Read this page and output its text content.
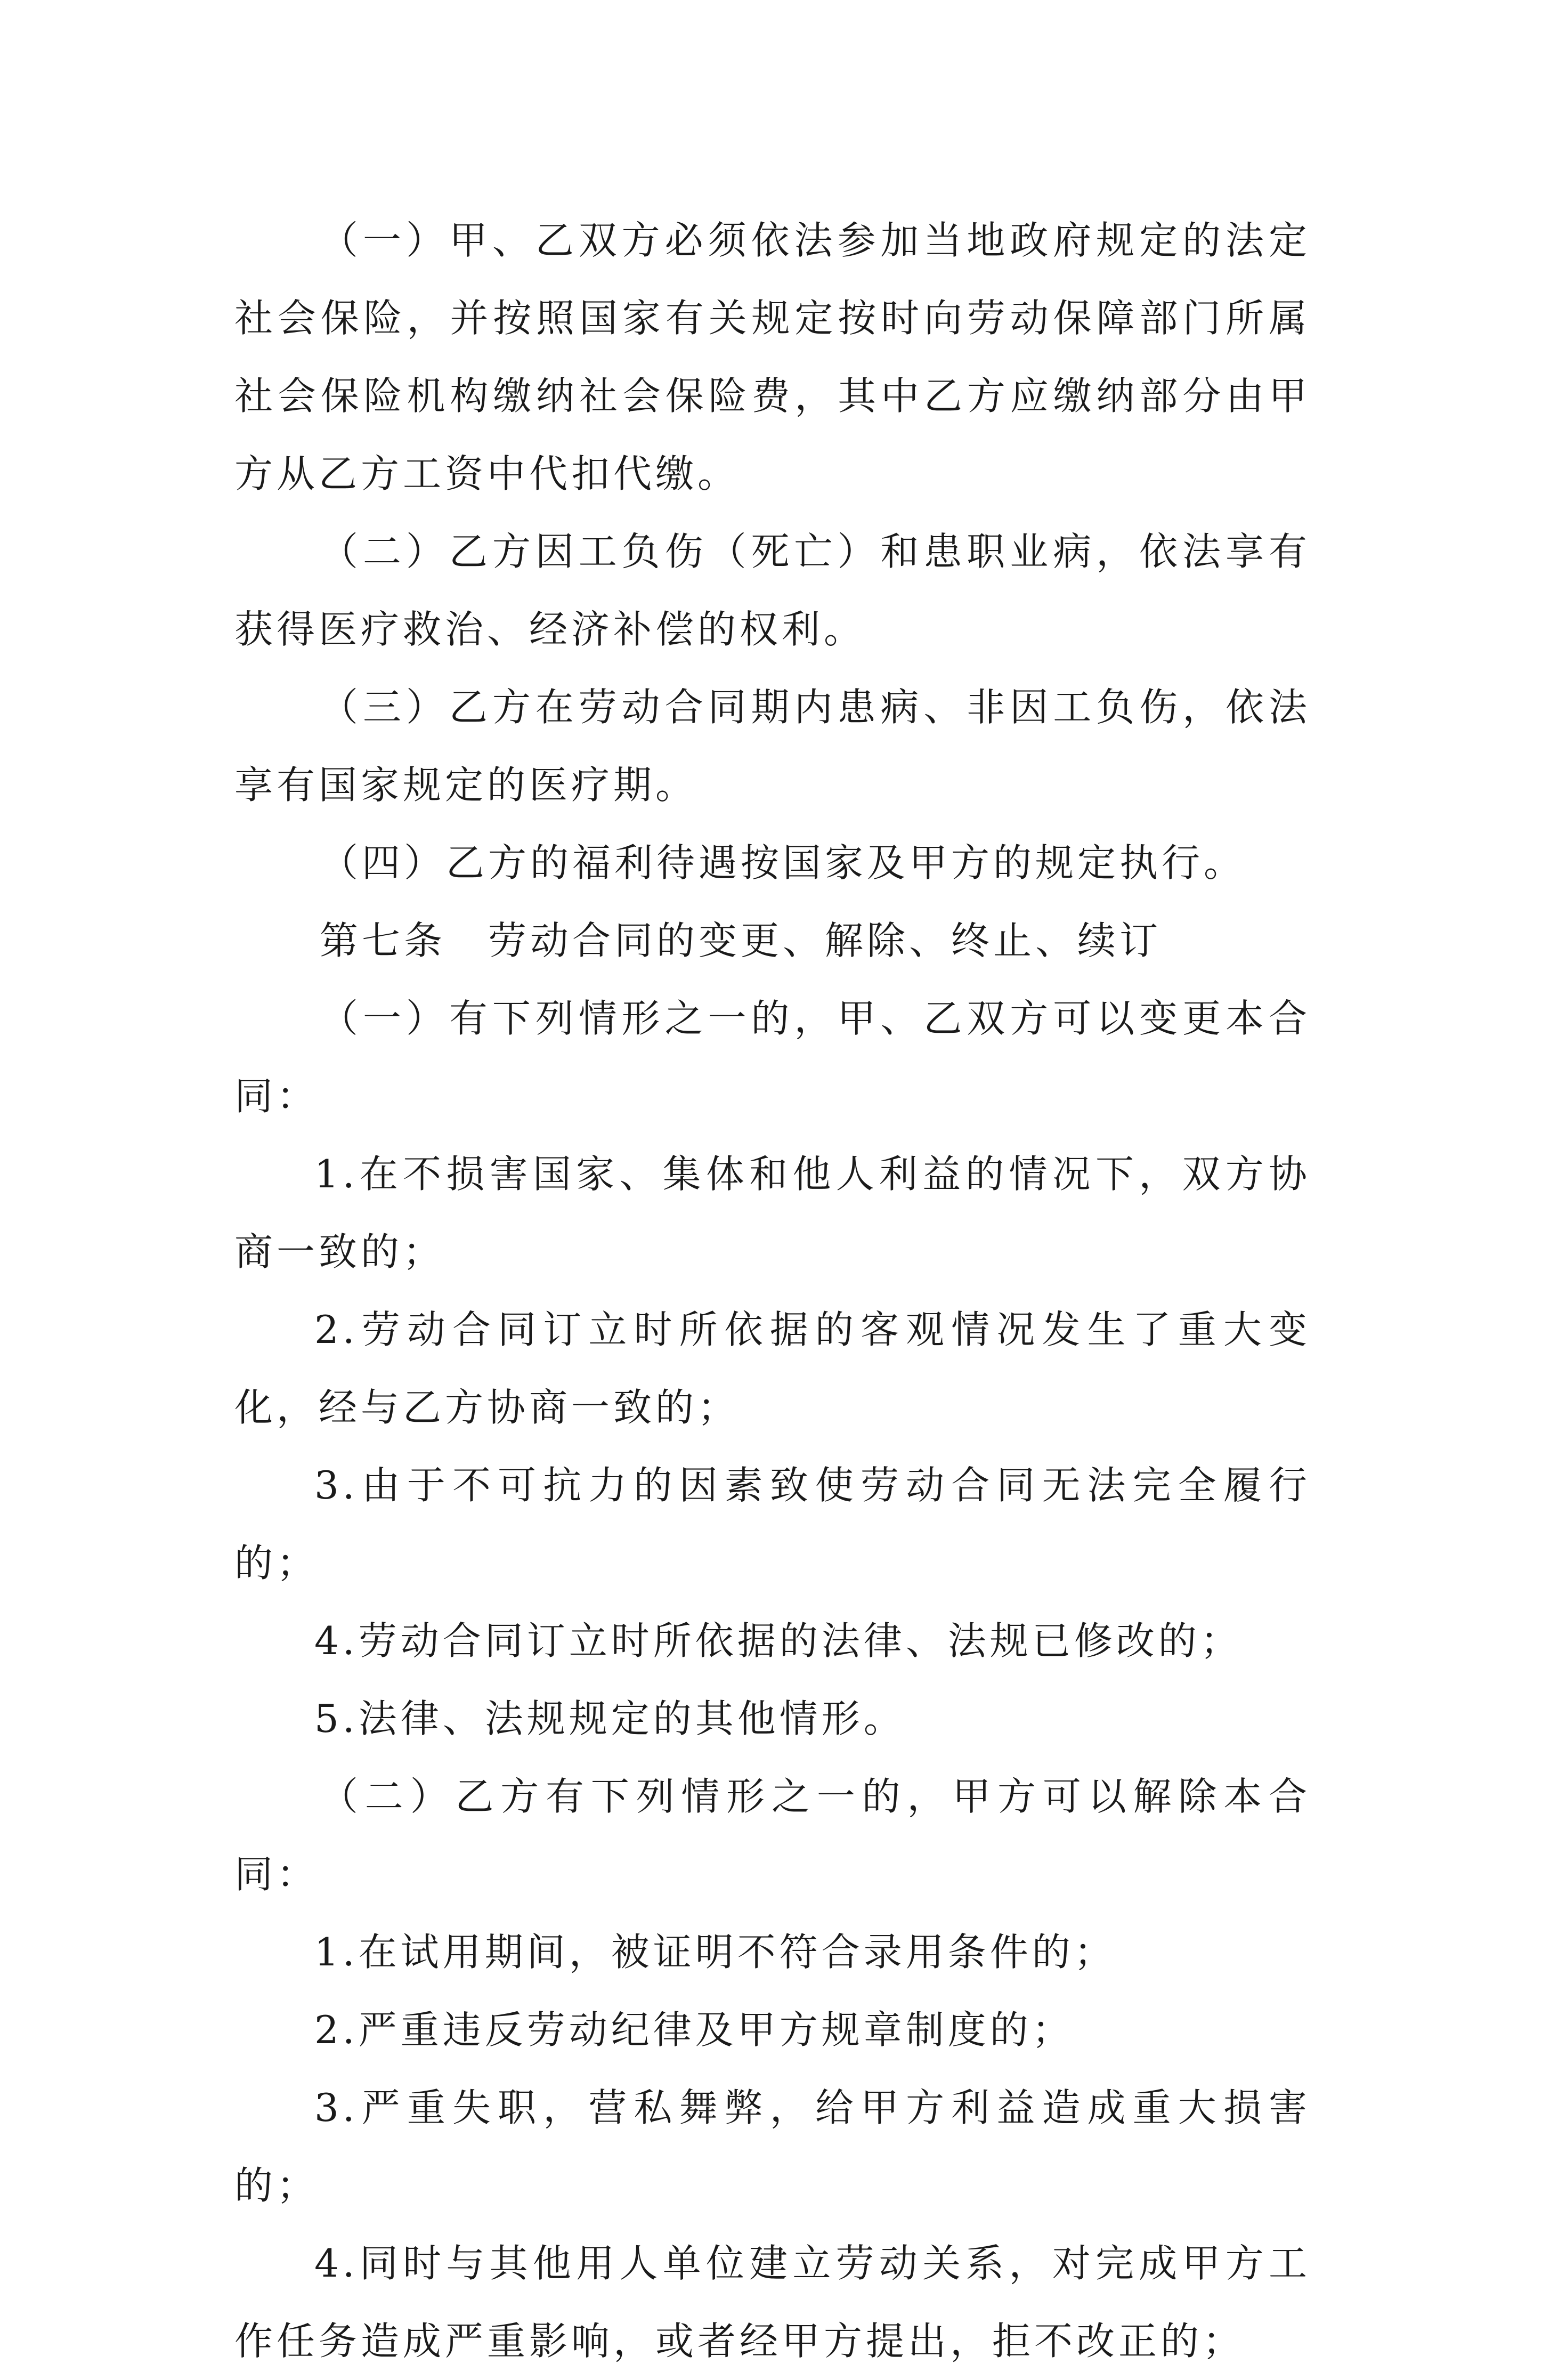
（一）甲、乙双方必须依法参加当地政府规定的法定社会保险，并按照国家有关规定按时向劳动保障部门所属社会保险机构缴纳社会保险费，其中乙方应缴纳部分由甲方从乙方工资中代扣代缴。

（二）乙方因工负伤（死亡）和患职业病，依法享有获得医疗救治、经济补偿的权利。

（三）乙方在劳动合同期内患病、非因工负伤，依法享有国家规定的医疗期。

（四）乙方的福利待遇按国家及甲方的规定执行。

第七条　劳动合同的变更、解除、终止、续订

（一）有下列情形之一的，甲、乙双方可以变更本合同：

1.在不损害国家、集体和他人利益的情况下，双方协商一致的；

2.劳动合同订立时所依据的客观情况发生了重大变化，经与乙方协商一致的；

3.由于不可抗力的因素致使劳动合同无法完全履行的；

4.劳动合同订立时所依据的法律、法规已修改的；

5.法律、法规规定的其他情形。

（二）乙方有下列情形之一的，甲方可以解除本合同：

1.在试用期间，被证明不符合录用条件的；

2.严重违反劳动纪律及甲方规章制度的；

3.严重失职，营私舞弊，给甲方利益造成重大损害的；

4.同时与其他用人单位建立劳动关系，对完成甲方工作任务造成严重影响，或者经甲方提出，拒不改正的；
